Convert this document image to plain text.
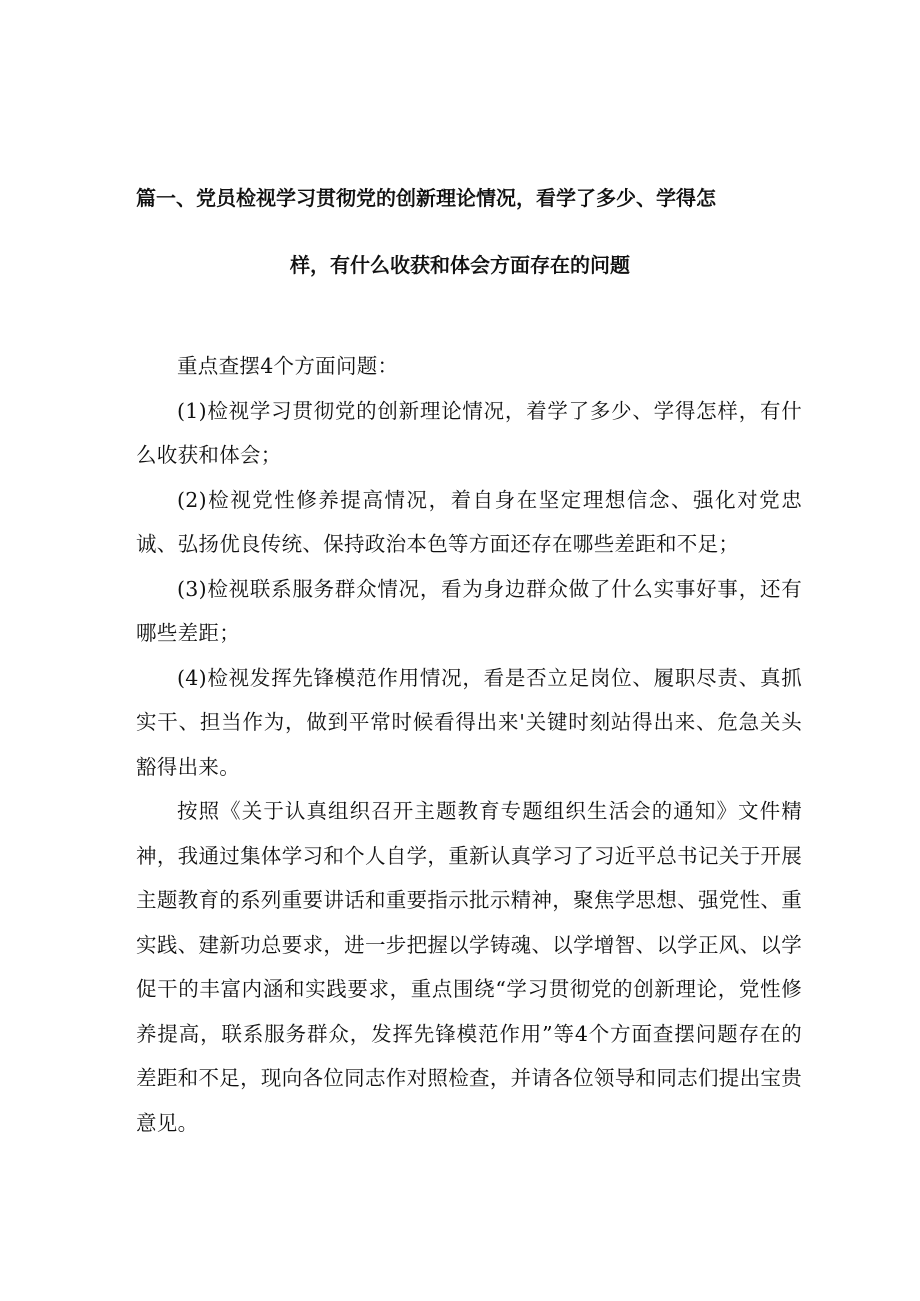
篇一、党员检视学习贯彻党的创新理论情况，看学了多少、学得怎
样，有什么收获和体会方面存在的问题

重点查摆4个方面问题：

(1)检视学习贯彻党的创新理论情况，着学了多少、学得怎样，有什么收获和体会；

(2)检视党性修养提高情况，着自身在坚定理想信念、强化对党忠诚、弘扬优良传统、保持政治本色等方面还存在哪些差距和不足；

(3)检视联系服务群众情况，看为身边群众做了什么实事好事，还有哪些差距；

(4)检视发挥先锋模范作用情况，看是否立足岗位、履职尽责、真抓实干、担当作为，做到平常时候看得出来'关键时刻站得出来、危急关头豁得出来。

按照《关于认真组织召开主题教育专题组织生活会的通知》文件精神，我通过集体学习和个人自学，重新认真学习了习近平总书记关于开展主题教育的系列重要讲话和重要指示批示精神，聚焦学思想、强党性、重实践、建新功总要求，进一步把握以学铸魂、以学增智、以学正风、以学促干的丰富内涵和实践要求，重点围绕“学习贯彻党的创新理论，党性修养提高，联系服务群众，发挥先锋模范作用”等4个方面查摆问题存在的差距和不足，现向各位同志作对照检查，并请各位领导和同志们提出宝贵意见。
